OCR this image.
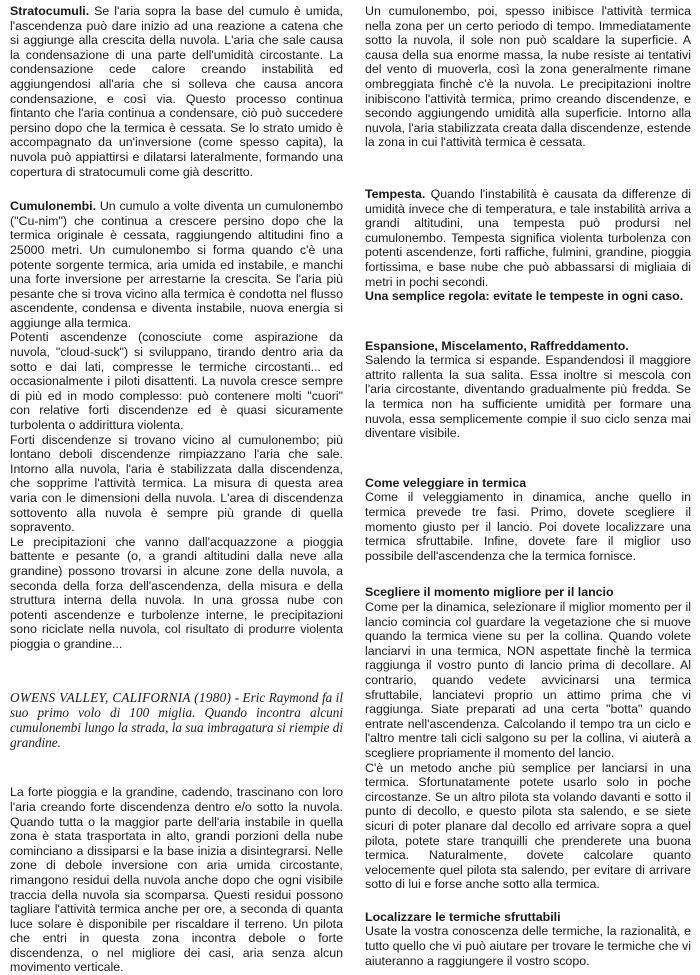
Stratocumuli. Se l'aria sopra la base del cumulo è umida, l'ascendenza può dare inizio ad una reazione a catena che si aggiunge alla crescita della nuvola. L'aria che sale causa la condensazione di una parte dell'umidità circostante. La condensazione cede calore creando instabilità ed aggiungendosi all'aria che si solleva che causa ancora condensazione, e così via. Questo processo continua fintanto che l'aria continua a condensare, ciò può succedere persino dopo che la termica è cessata. Se lo strato umido è accompagnato da un'inversione (come spesso capita), la nuvola può appiattirsi e dilatarsi lateralmente, formando una copertura di stratocumuli come già descritto.

Cumulonembi. Un cumulo a volte diventa un cumulonembo ("Cu-nim") che continua a crescere persino dopo che la termica originale è cessata, raggiungendo altitudini fino a 25000 metri. Un cumulonembo si forma quando c'è una potente sorgente termica, aria umida ed instabile, e manchi una forte inversione per arrestarne la crescita. Se l'aria più pesante che si trova vicino alla termica è condotta nel flusso ascendente, condensa e diventa instabile, nuova energia si aggiunge alla termica.

Potenti ascendenze (conosciute come aspirazione da nuvola, "cloud-suck") si sviluppano, tirando dentro aria da sotto e dai lati, compresse le termiche circostanti... ed occasionalmente i piloti disattenti. La nuvola cresce sempre di più ed in modo complesso: può contenere molti "cuori" con relative forti discendenze ed è quasi sicuramente turbolenta o addirittura violenta.

Forti discendenze si trovano vicino al cumulonembo; più lontano deboli discendenze rimpiazzano l'aria che sale. Intorno alla nuvola, l'aria è stabilizzata dalla discendenza, che sopprime l'attività termica. La misura di questa area varia con le dimensioni della nuvola. L'area di discendenza sottovento alla nuvola è sempre più grande di quella sopravento.

Le precipitazioni che vanno dall'acquazzone a pioggia battente e pesante (o, a grandi altitudini dalla neve alla grandine) possono trovarsi in alcune zone della nuvola, a seconda della forza dell'ascendenza, della misura e della struttura interna della nuvola. In una grossa nube con potenti ascendenze e turbolenze interne, le precipitazioni sono riciclate nella nuvola, col risultato di produrre violenta pioggia o grandine...

OWENS VALLEY, CALIFORNIA (1980) - Eric Raymond fa il suo primo volo di 100 miglia. Quando incontra alcuni cumulonembi lungo la strada, la sua imbragatura si riempie di grandine.

La forte pioggia e la grandine, cadendo, trascinano con loro l'aria creando forte discendenza dentro e/o sotto la nuvola. Quando tutta o la maggior parte dell'aria instabile in quella zona è stata trasportata in alto, grandi porzioni della nube cominciano a dissiparsi e la base inizia a disintegrarsi. Nelle zone di debole inversione con aria umida circostante, rimangono residui della nuvola anche dopo che ogni visibile traccia della nuvola sia scomparsa. Questi residui possono tagliare l'attività termica anche per ore, a seconda di quanta luce solare è disponibile per riscaldare il terreno. Un pilota che entri in questa zona incontra debole o forte discendenza, o nel migliore dei casi, aria senza alcun movimento verticale.

Un cumulonembo, poi, spesso inibisce l'attività termica nella zona per un certo periodo di tempo. Immediatamente sotto la nuvola, il sole non può scaldare la superficie. A causa della sua enorme massa, la nube resiste ai tentativi del vento di muoverla, così la zona generalmente rimane ombreggiata finchè c'è la nuvola. Le precipitazioni inoltre inibiscono l'attività termica, primo creando discendenze, e secondo aggiungendo umidità alla superficie. Intorno alla nuvola, l'aria stabilizzata creata dalla discendenze, estende la zona in cui l'attività termica è cessata.

Tempesta. Quando l'instabilità è causata da differenze di umidità invece che di temperatura, e tale instabilità arriva a grandi altitudini, una tempesta può prodursi nel cumulonembo. Tempesta significa violenta turbolenza con potenti ascendenze, forti raffiche, fulmini, grandine, pioggia fortissima, e base nube che può abbassarsi di migliaia di metri in pochi secondi.

Una semplice regola: evitate le tempeste in ogni caso.

Espansione, Miscelamento, Raffreddamento.

Salendo la termica si espande. Espandendosi il maggiore attrito rallenta la sua salita. Essa inoltre si mescola con l'aria circostante, diventando gradualmente più fredda. Se la termica non ha sufficiente umidità per formare una nuvola, essa semplicemente compie il suo ciclo senza mai diventare visibile.

Come veleggiare in termica

Come il veleggiamento in dinamica, anche quello in termica prevede tre fasi. Primo, dovete scegliere il momento giusto per il lancio. Poi dovete localizzare una termica sfruttabile. Infine, dovete fare il miglior uso possibile dell'ascendenza che la termica fornisce.

Scegliere il momento migliore per il lancio

Come per la dinamica, selezionare il miglior momento per il lancio comincia col guardare la vegetazione che si muove quando la termica viene su per la collina. Quando volete lanciarvi in una termica, NON aspettate finchè la termica raggiunga il vostro punto di lancio prima di decollare. Al contrario, quando vedete avvicinarsi una termica sfruttabile, lanciatevi proprio un attimo prima che vi raggiunga. Siate preparati ad una certa "botta" quando entrate nell'ascendenza. Calcolando il tempo tra un ciclo e l'altro mentre tali cicli salgono su per la collina, vi aiuterà a scegliere propriamente il momento del lancio.

C'è un metodo anche più semplice per lanciarsi in una termica. Sfortunatamente potete usarlo solo in poche circostanze. Se un altro pilota sta volando davanti e sotto il punto di decollo, e questo pilota sta salendo, e se siete sicuri di poter planare dal decollo ed arrivare sopra a quel pilota, potete stare tranquilli che prenderete una buona termica. Naturalmente, dovete calcolare quanto velocemente quel pilota sta salendo, per evitare di arrivare sotto di lui e forse anche sotto alla termica.

Localizzare le termiche sfruttabili

Usate la vostra conoscenza delle termiche, la razionalità, e tutto quello che vi può aiutare per trovare le termiche che vi aiuteranno a raggiungere il vostro scopo.
